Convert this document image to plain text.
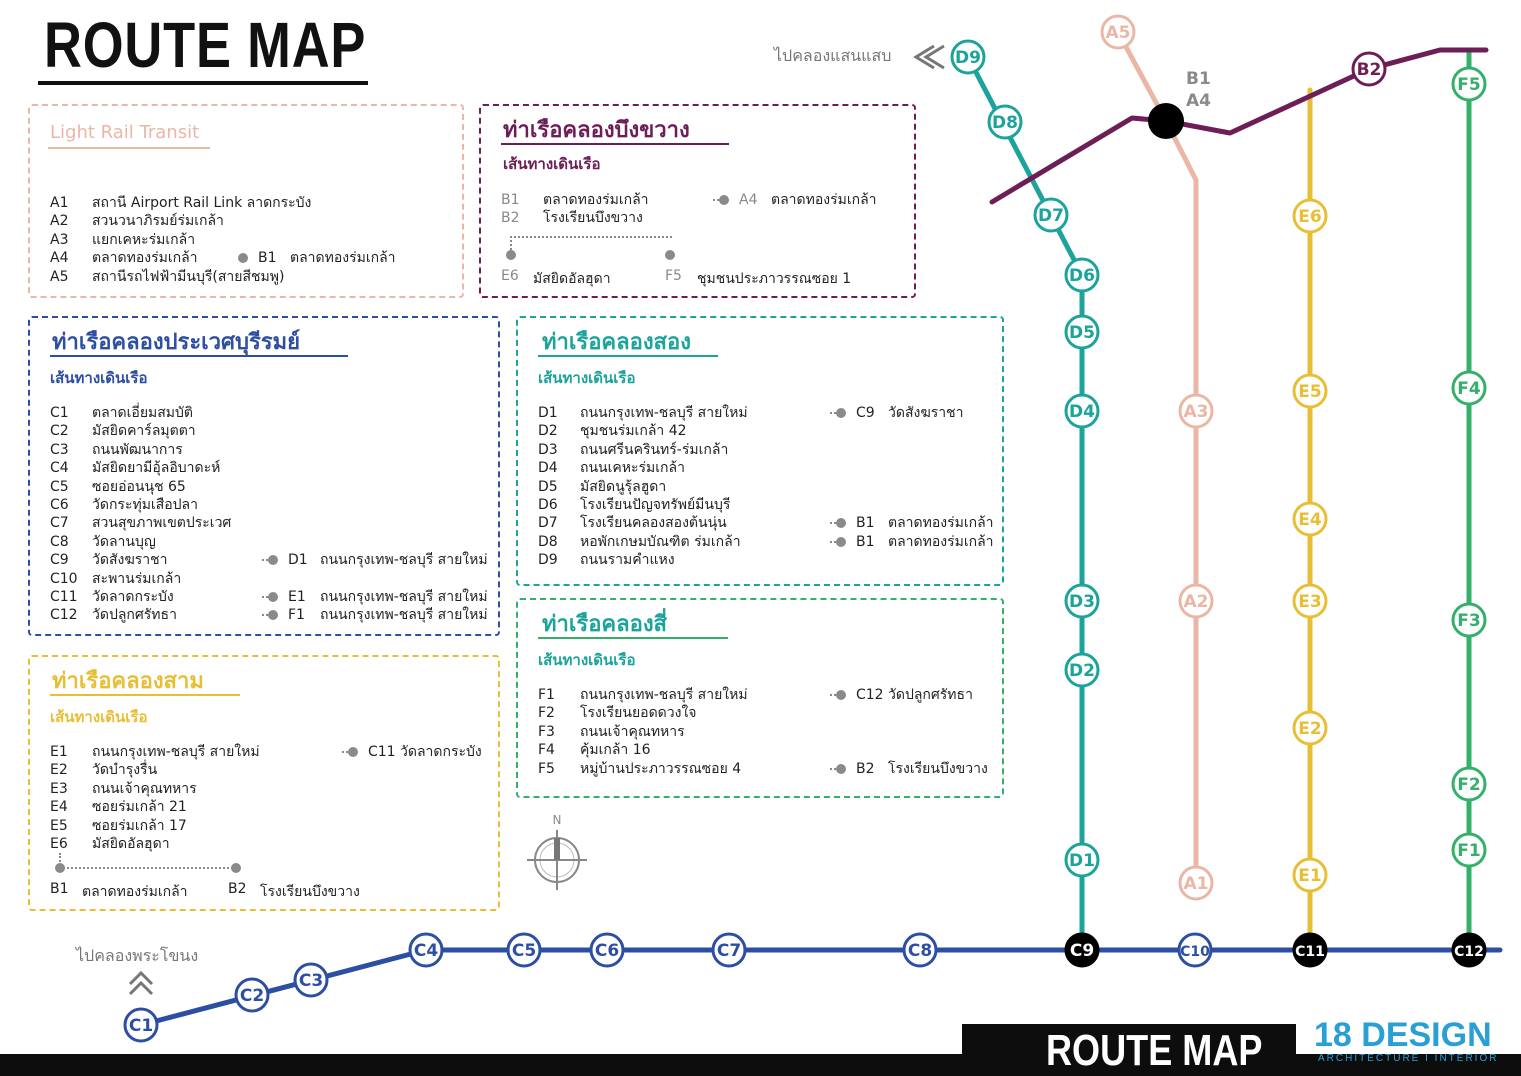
A1
A2
A3
A5
B2
C1
C2
C3
C4	C5	C6	C7	C8	C9	C10	C11	C12
D1
D2
D3
D4
D5
D6
D7
D8
D9
E1
E2
E3
E4
E5
E6
F1
F2
F3
F4
F5
ROUTE MAP
Light Rail Transit
A1 สถานี Airport Rail Link ลาดกระบัง
A2 สวนวนาภิรมย์ร่มเกล้า
A3 แยกเคหะร่มเกล้า
A4 ตลาดทองร่มเกล้า	B1 ตลาดทองร่มเกล้า
A5 สถานีรถไฟฟ้ามีนบุรี(สายสีชมพู)
ท่าเรือคลองบึงขวาง
เส้นทางเดินเรือ
B1 ตลาดทองร่มเกล้า	A4 ตลาดทองร่มเกล้า
B2 โรงเรียนบึงขวาง
E6 มัสยิดอัลฮุดา	F5 ชุมชนประภาวรรณซอย 1
ท่าเรือคลองประเวศบุรีรมย์
เส้นทางเดินเรือ
C1 ตลาดเอี่ยมสมบัติ
C2 มัสยิดคาร์ลมุตตา
C3 ถนนพัฒนาการ
C4 มัสยิดยามีอุ้ลอิบาดะห์
C5 ซอยอ่อนนุช 65
C6 วัดกระทุ่มเสือปลา
C7 สวนสุขภาพเขตประเวศ
C8 วัดลานบุญ
C9 วัดสังฆราชา	D1 ถนนกรุงเทพ-ชลบุรี สายใหม่
C10 สะพานร่มเกล้า
C11 วัดลาดกระบัง	E1 ถนนกรุงเทพ-ชลบุรี สายใหม่
C12 วัดปลูกศรัทธา	F1 ถนนกรุงเทพ-ชลบุรี สายใหม่
ท่าเรือคลองสอง
เส้นทางเดินเรือ
D1 ถนนกรุงเทพ-ชลบุรี สายใหม่	C9 วัดสังฆราชา
D2 ชุมชนร่มเกล้า 42
D3 ถนนศรีนครินทร์-ร่มเกล้า
D4 ถนนเคหะร่มเกล้า
D5 มัสยิดนูรุ้ลฮูดา
D6 โรงเรียนปัญจทรัพย์มีนบุรี
D7 โรงเรียนคลองสองต้นนุ่น	B1 ตลาดทองร่มเกล้า
D8 หอพักเกษมบัณฑิต ร่มเกล้า	B1 ตลาดทองร่มเกล้า
D9 ถนนรามคำแหง
ท่าเรือคลองสี่
เส้นทางเดินเรือ
F1 ถนนกรุงเทพ-ชลบุรี สายใหม่	C12 วัดปลูกศรัทธา
F2 โรงเรียนยอดดวงใจ
F3 ถนนเจ้าคุณทหาร
F4 คุ้มเกล้า 16
F5 หมู่บ้านประภาวรรณซอย 4	B2 โรงเรียนบึงขวาง
ท่าเรือคลองสาม
เส้นทางเดินเรือ
E1 ถนนกรุงเทพ-ชลบุรี สายใหม่	C11 วัดลาดกระบัง
E2 วัดบำรุงรื่น
E3 ถนนเจ้าคุณทหาร
E4 ซอยร่มเกล้า 21
E5 ซอยร่มเกล้า 17
E6 มัสยิดอัลฮุดา
B1 ตลาดทองร่มเกล้า	B2 โรงเรียนบึงขวาง
ไปคลองแสนแสบ
ไปคลองพระโขนง
B1
A4
N
ROUTE MAP 18 DESIGN
ARCHITECTURE I INTERIOR
